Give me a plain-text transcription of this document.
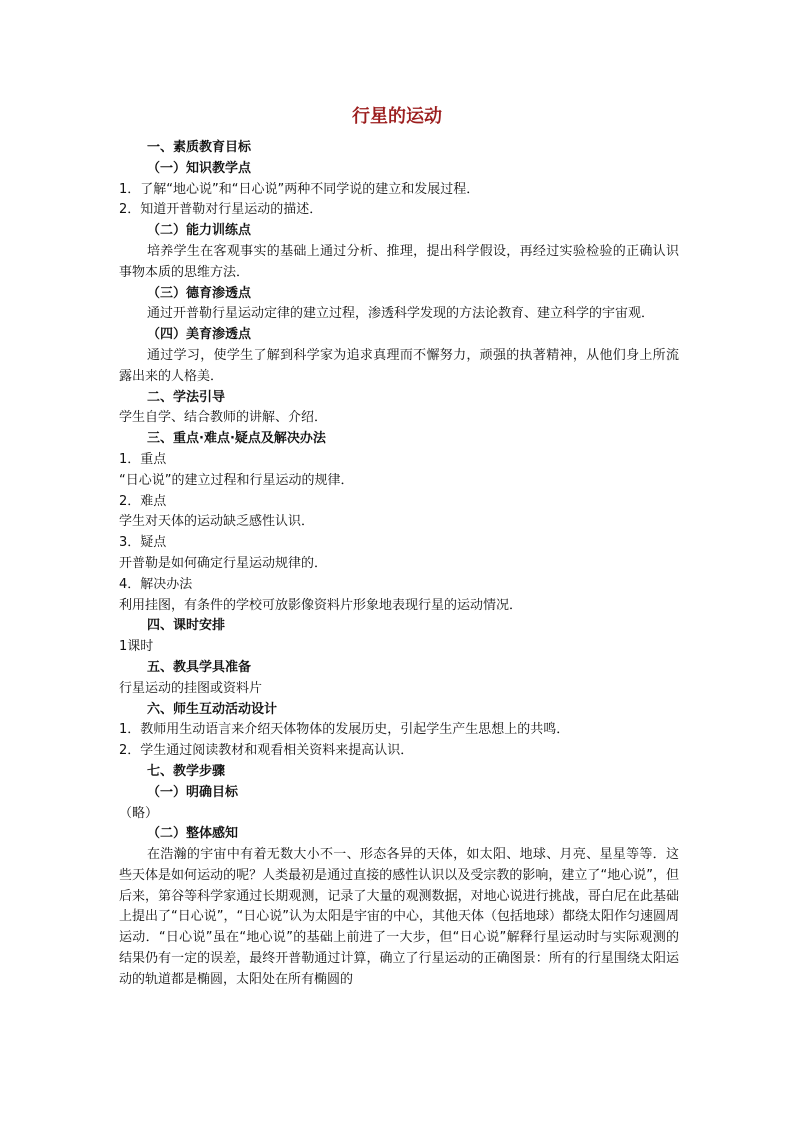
行星的运动

一、素质教育目标

（一）知识教学点

1．了解“地心说”和“日心说”两种不同学说的建立和发展过程．

2．知道开普勒对行星运动的描述．

（二）能力训练点

培养学生在客观事实的基础上通过分析、推理，提出科学假设，再经过实验检验的正确认识事物本质的思维方法．

（三）德育渗透点

通过开普勒行星运动定律的建立过程，渗透科学发现的方法论教育、建立科学的宇宙观．

（四）美育渗透点

通过学习，使学生了解到科学家为追求真理而不懈努力，顽强的执著精神，从他们身上所流露出来的人格美．

二、学法引导

学生自学、结合教师的讲解、介绍．

三、重点·难点·疑点及解决办法

1．重点

“日心说”的建立过程和行星运动的规律．

2．难点

学生对天体的运动缺乏感性认识．

3．疑点

开普勒是如何确定行星运动规律的．

4．解决办法

利用挂图，有条件的学校可放影像资料片形象地表现行星的运动情况．

四、课时安排

1课时

五、教具学具准备

行星运动的挂图或资料片

六、师生互动活动设计

1．教师用生动语言来介绍天体物体的发展历史，引起学生产生思想上的共鸣．

2．学生通过阅读教材和观看相关资料来提高认识．

七、教学步骤

（一）明确目标

（略）

（二）整体感知

在浩瀚的宇宙中有着无数大小不一、形态各异的天体，如太阳、地球、月亮、星星等等．这些天体是如何运动的呢？人类最初是通过直接的感性认识以及受宗教的影响，建立了“地心说”，但后来，第谷等科学家通过长期观测，记录了大量的观测数据，对地心说进行挑战，哥白尼在此基础上提出了“日心说”，“日心说”认为太阳是宇宙的中心，其他天体（包括地球）都绕太阳作匀速圆周运动．“日心说”虽在“地心说”的基础上前进了一大步，但“日心说”解释行星运动时与实际观测的结果仍有一定的误差，最终开普勒通过计算，确立了行星运动的正确图景：所有的行星围绕太阳运动的轨道都是椭圆，太阳处在所有椭圆的
